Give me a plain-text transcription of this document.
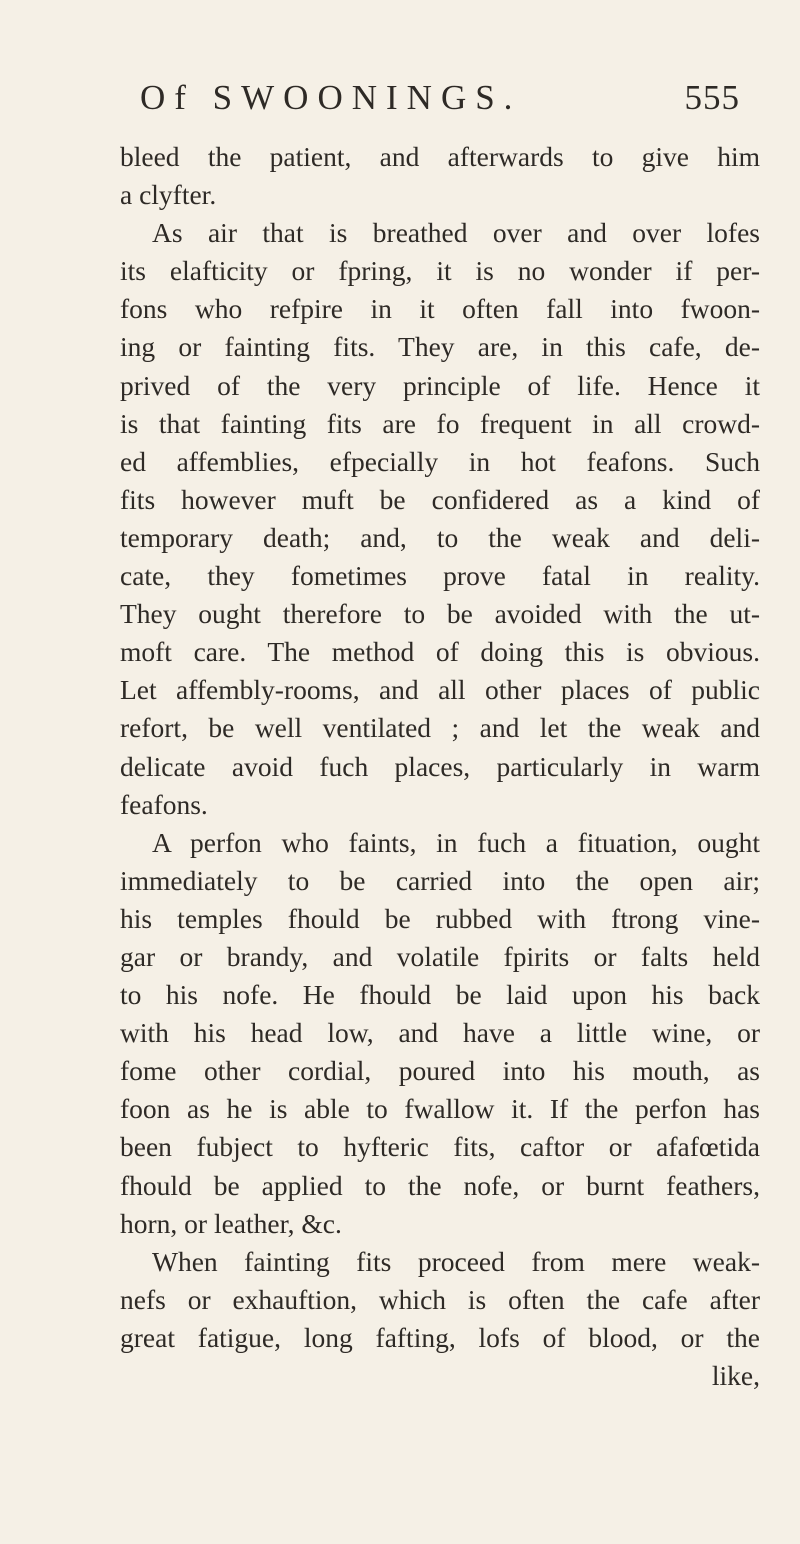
Of SWOONINGS.	555
bleed the patient, and afterwards to give him
a clyfter.
As air that is breathed over and over lofes
its elafticity or fpring, it is no wonder if per-
fons who refpire in it often fall into fwoon-
ing or fainting fits. They are, in this cafe, de-
prived of the very principle of life. Hence it
is that fainting fits are fo frequent in all crowd-
ed affemblies, efpecially in hot feafons. Such
fits however muft be confidered as a kind of
temporary death; and, to the weak and deli-
cate, they fometimes prove fatal in reality.
They ought therefore to be avoided with the ut-
moft care. The method of doing this is obvious.
Let affembly-rooms, and all other places of public
refort, be well ventilated ; and let the weak and
delicate avoid fuch places, particularly in warm
feafons.
A perfon who faints, in fuch a fituation, ought
immediately to be carried into the open air;
his temples fhould be rubbed with ftrong vine-
gar or brandy, and volatile fpirits or falts held
to his nofe. He fhould be laid upon his back
with his head low, and have a little wine, or
fome other cordial, poured into his mouth, as
foon as he is able to fwallow it. If the perfon has
been fubject to hyfteric fits, caftor or afafœtida
fhould be applied to the nofe, or burnt feathers,
horn, or leather, &c.
When fainting fits proceed from mere weak-
nefs or exhauftion, which is often the cafe after
great fatigue, long fafting, lofs of blood, or the
like,
